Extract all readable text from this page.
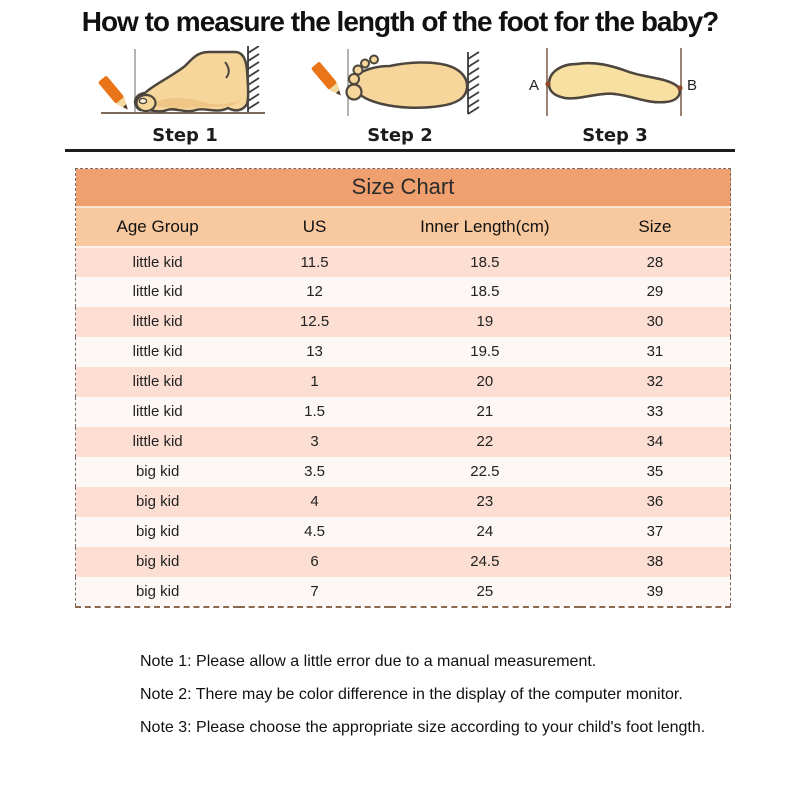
How to measure the length of the foot for the baby?
Step 1	Step 2
A	B
Step 3
Size Chart			
Age Group	US	Inner Length(cm)	Size
little kid	11.5	18.5	28
little kid	12	18.5	29
little kid	12.5	19	30
little kid	13	19.5	31
little kid	1	20	32
little kid	1.5	21	33
little kid	3	22	34
big kid	3.5	22.5	35
big kid	4	23	36
big kid	4.5	24	37
big kid	6	24.5	38
big kid	7	25	39
Note 1: Please allow a little error due to a manual measurement.
Note 2: There may be color difference in the display of the computer monitor.
Note 3: Please choose the appropriate size according to your child's foot length.
